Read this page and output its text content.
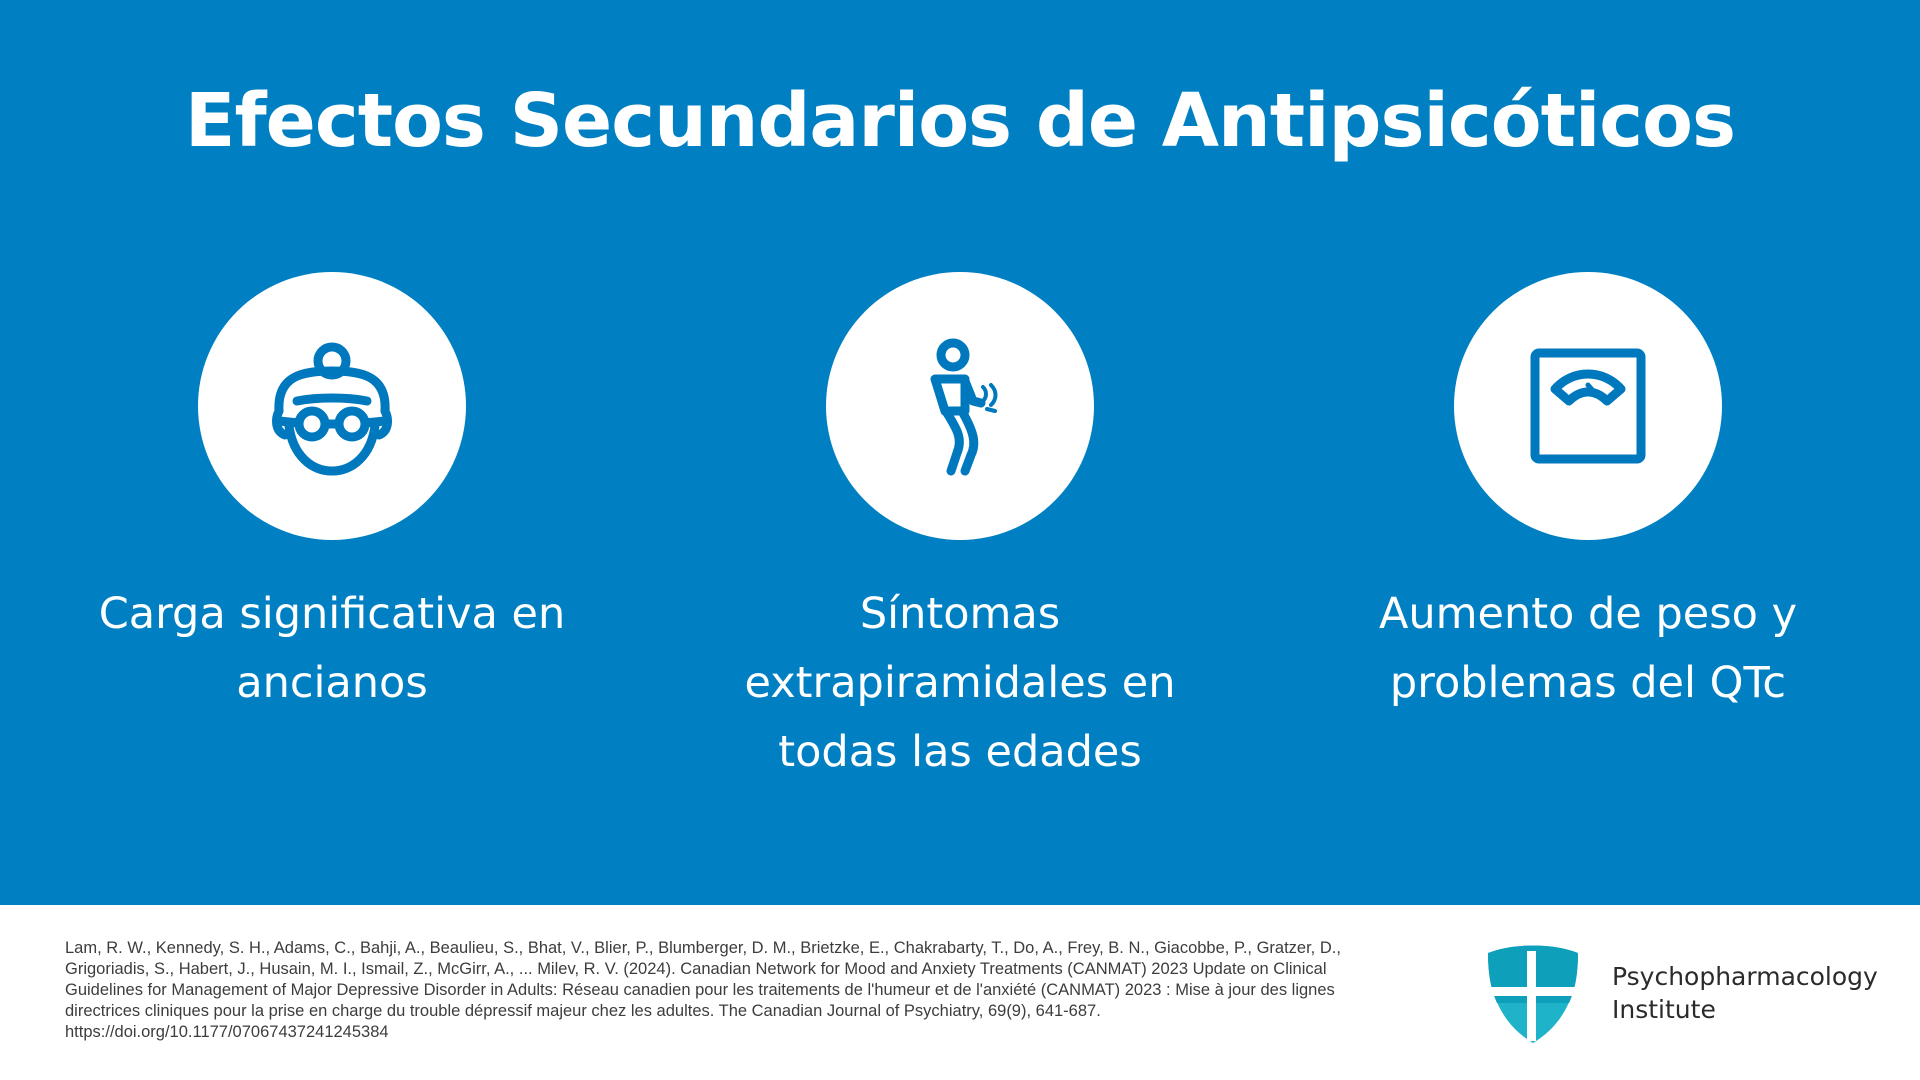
Efectos Secundarios de Antipsicóticos
Carga significativa en
ancianos
Síntomas
extrapiramidales en
todas las edades
Aumento de peso y
problemas del QTc

Lam, R. W., Kennedy, S. H., Adams, C., Bahji, A., Beaulieu, S., Bhat, V., Blier, P., Blumberger, D. M., Brietzke, E., Chakrabarty, T., Do, A., Frey, B. N., Giacobbe, P., Gratzer, D., Grigoriadis, S., Habert, J., Husain, M. I., Ismail, Z., McGirr, A., ... Milev, R. V. (2024). Canadian Network for Mood and Anxiety Treatments (CANMAT) 2023 Update on Clinical Guidelines for Management of Major Depressive Disorder in Adults: Réseau canadien pour les traitements de l'humeur et de l'anxiété (CANMAT) 2023 : Mise à jour des lignes directrices cliniques pour la prise en charge du trouble dépressif majeur chez les adultes. The Canadian Journal of Psychiatry, 69(9), 641-687. https://doi.org/10.1177/07067437241245384

Psychopharmacology
Institute
